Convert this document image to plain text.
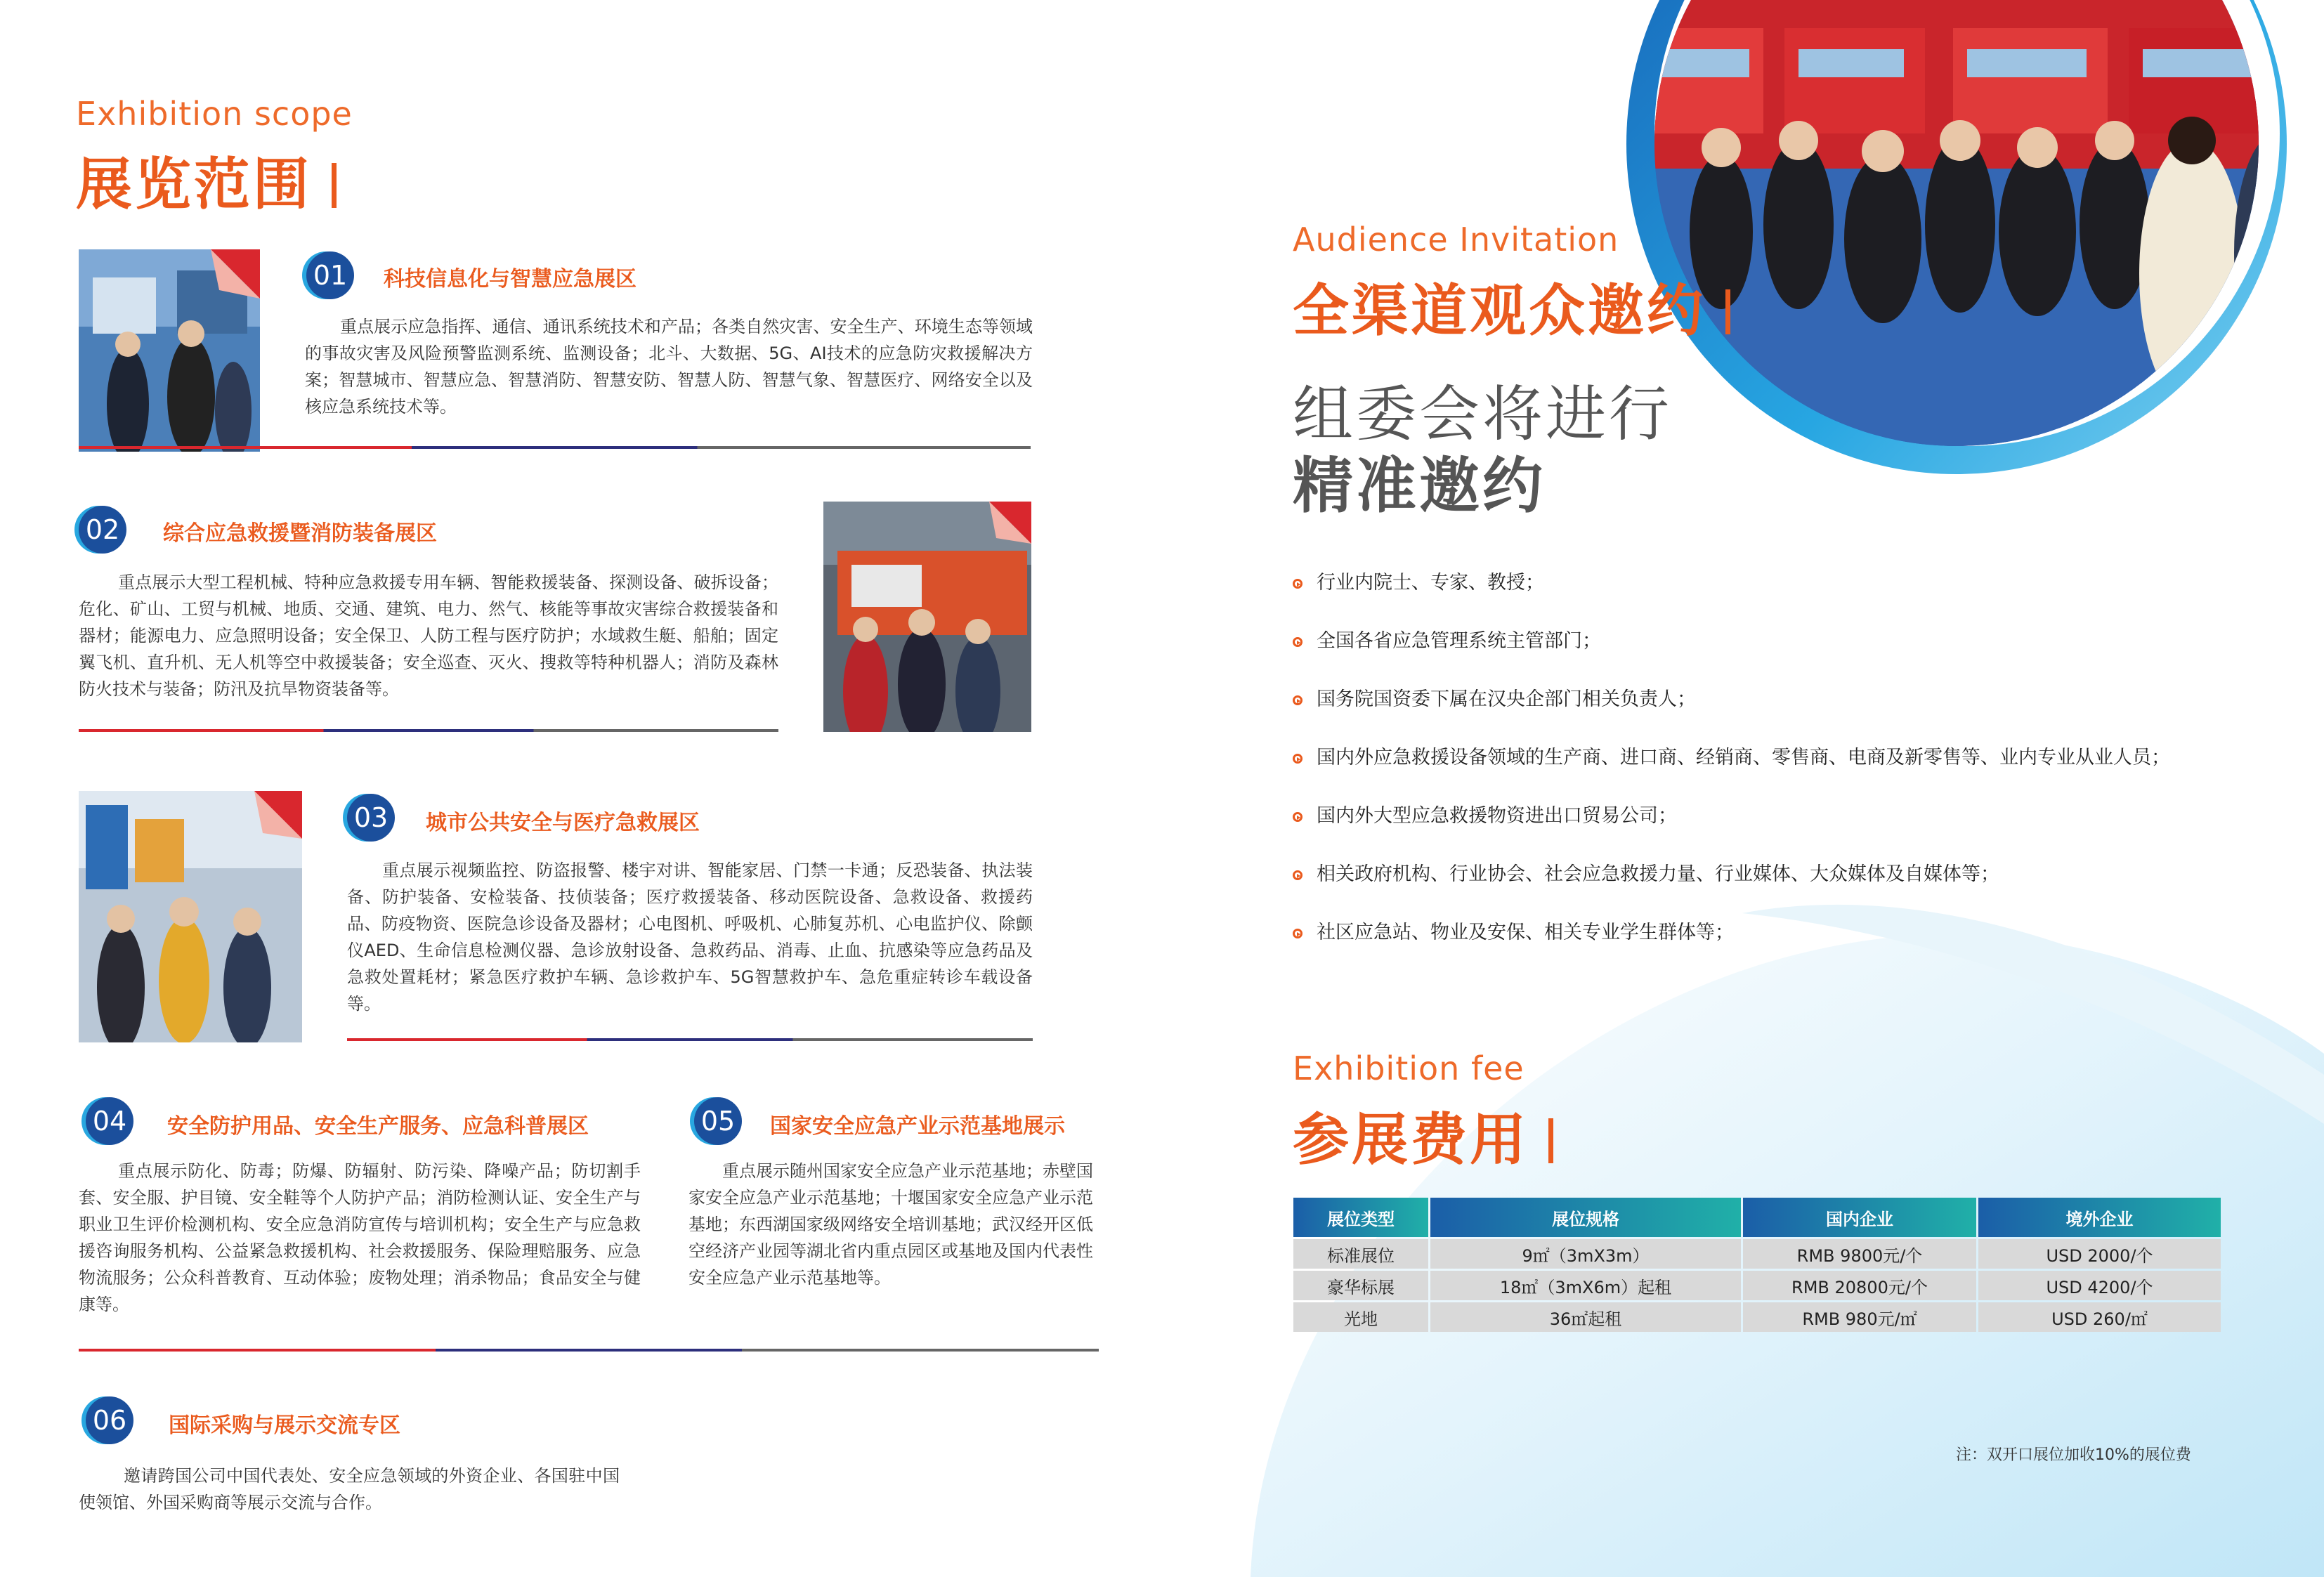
Exhibition scope
展览范围
01	科技信息化与智慧应急展区
重点展示应急指挥、通信、通讯系统技术和产品；各类自然灾害、安全生产、环境生态等领域的事故灾害及风险预警监测系统、监测设备；北斗、大数据、5G、AI技术的应急防灾救援解决方案；智慧城市、智慧应急、智慧消防、智慧安防、智慧人防、智慧气象、智慧医疗、网络安全以及核应急系统技术等。
02	综合应急救援暨消防装备展区
重点展示大型工程机械、特种应急救援专用车辆、智能救援装备、探测设备、破拆设备；危化、矿山、工贸与机械、地质、交通、建筑、电力、然气、核能等事故灾害综合救援装备和器材；能源电力、应急照明设备；安全保卫、人防工程与医疗防护；水域救生艇、船舶；固定翼飞机、直升机、无人机等空中救援装备；安全巡查、灭火、搜救等特种机器人；消防及森林防火技术与装备；防汛及抗旱物资装备等。
03	城市公共安全与医疗急救展区
重点展示视频监控、防盗报警、楼宇对讲、智能家居、门禁一卡通；反恐装备、执法装备、防护装备、安检装备、技侦装备；医疗救援装备、移动医院设备、急救设备、救援药品、防疫物资、医院急诊设备及器材；心电图机、呼吸机、心肺复苏机、心电监护仪、除颤仪AED、生命信息检测仪器、急诊放射设备、急救药品、消毒、止血、抗感染等应急药品及急救处置耗材；紧急医疗救护车辆、急诊救护车、5G智慧救护车、急危重症转诊车载设备等。
04	安全防护用品、安全生产服务、应急科普展区
重点展示防化、防毒；防爆、防辐射、防污染、降噪产品；防切割手套、安全服、护目镜、安全鞋等个人防护产品；消防检测认证、安全生产与职业卫生评价检测机构、安全应急消防宣传与培训机构；安全生产与应急救援咨询服务机构、公益紧急救援机构、社会救援服务、保险理赔服务、应急物流服务；公众科普教育、互动体验；废物处理；消杀物品；食品安全与健康等。
05	国家安全应急产业示范基地展示
重点展示随州国家安全应急产业示范基地；赤壁国家安全应急产业示范基地；十堰国家安全应急产业示范基地；东西湖国家级网络安全培训基地；武汉经开区低空经济产业园等湖北省内重点园区或基地及国内代表性安全应急产业示范基地等。
06	国际采购与展示交流专区
邀请跨国公司中国代表处、安全应急领域的外资企业、各国驻中国使领馆、外国采购商等展示交流与合作。
Audience Invitation
全渠道观众邀约
组委会将进行
精准邀约
行业内院士、专家、教授；
全国各省应急管理系统主管部门；
国务院国资委下属在汉央企部门相关负责人；
国内外应急救援设备领域的生产商、进口商、经销商、零售商、电商及新零售等、业内专业从业人员；
国内外大型应急救援物资进出口贸易公司；
相关政府机构、行业协会、社会应急救援力量、行业媒体、大众媒体及自媒体等；
社区应急站、物业及安保、相关专业学生群体等；
Exhibition fee
参展费用
展位类型	展位规格	国内企业	境外企业
标准展位	9㎡（3mX3m）	RMB 9800元/个	USD 2000/个
豪华标展	18㎡（3mX6m）起租	RMB 20800元/个	USD 4200/个
光地	36㎡起租	RMB 980元/㎡	USD 260/㎡
注：双开口展位加收10%的展位费
